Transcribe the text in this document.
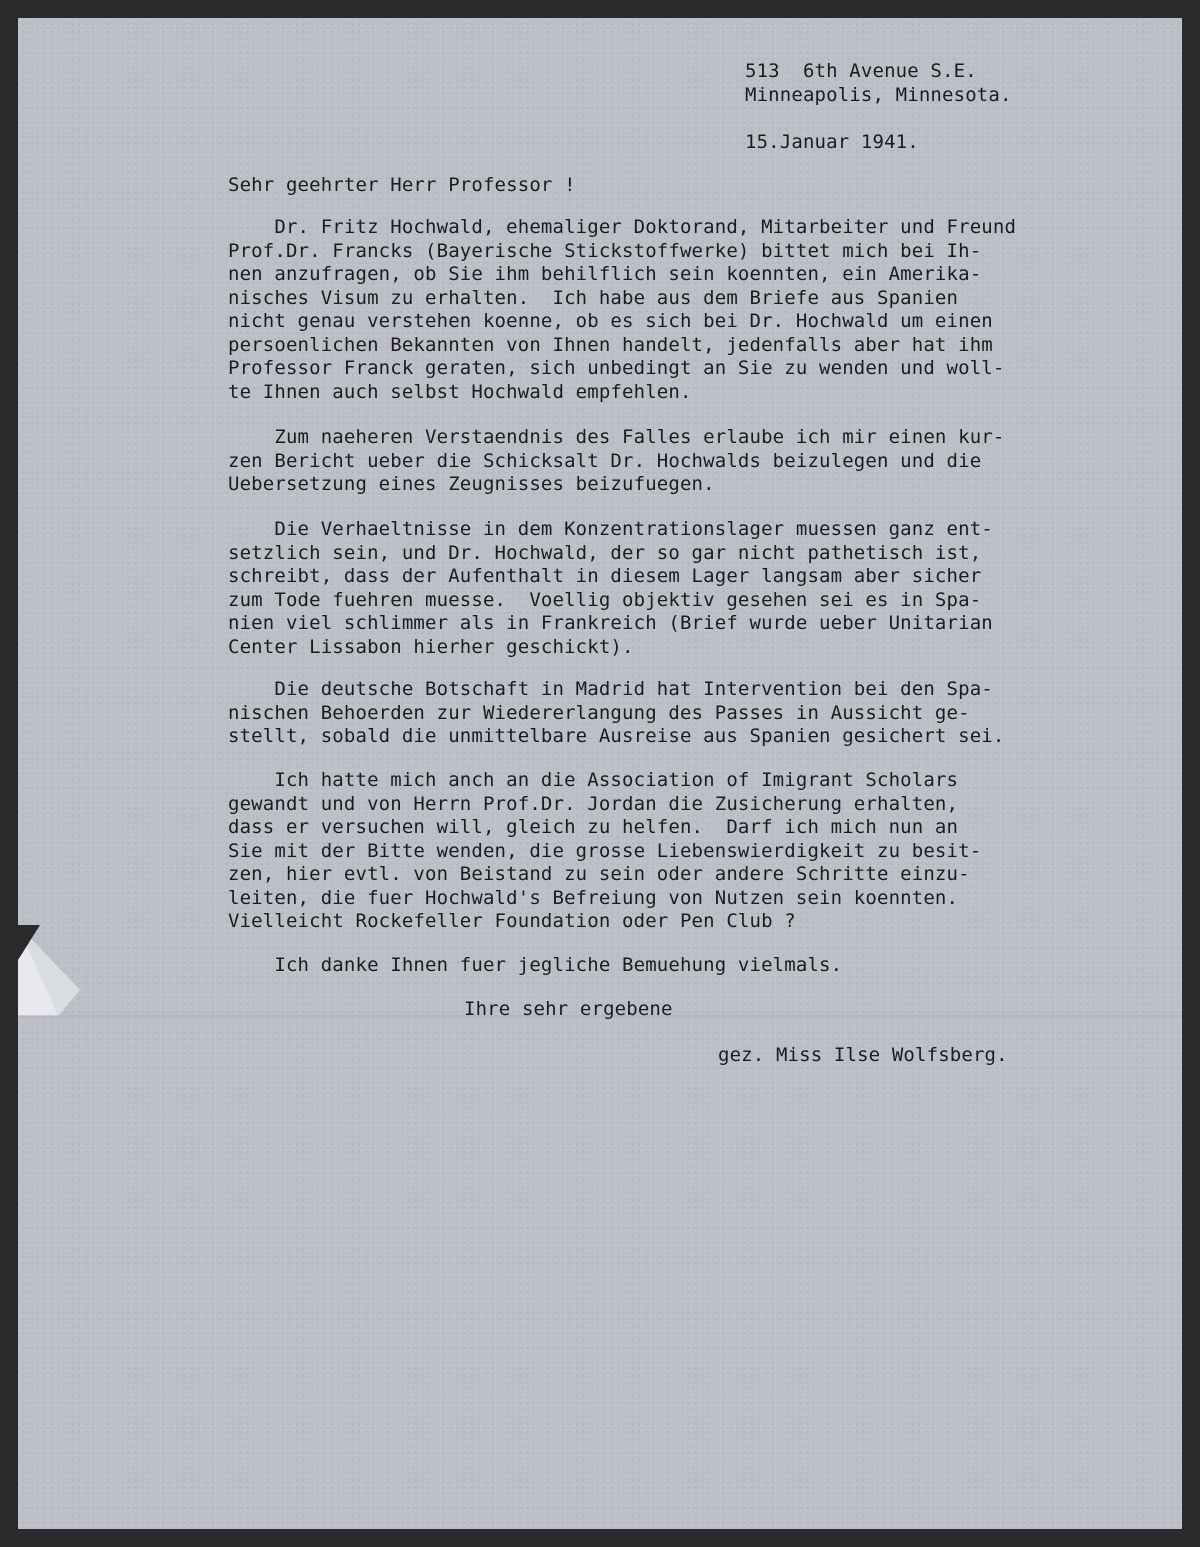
513  6th Avenue S.E.

Minneapolis, Minnesota.

15.Januar 1941.
Sehr geehrter Herr Professor !

Dr. Fritz Hochwald, ehemaliger Doktorand, Mitarbeiter und Freund

Prof.Dr. Francks (Bayerische Stickstoffwerke) bittet mich bei Ih-

nen anzufragen, ob Sie ihm behilflich sein koennten, ein Amerika-

nisches Visum zu erhalten.  Ich habe aus dem Briefe aus Spanien

nicht genau verstehen koenne, ob es sich bei Dr. Hochwald um einen

persoenlichen Bekannten von Ihnen handelt, jedenfalls aber hat ihm

Professor Franck geraten, sich unbedingt an Sie zu wenden und woll-

te Ihnen auch selbst Hochwald empfehlen.

Zum naeheren Verstaendnis des Falles erlaube ich mir einen kur-

zen Bericht ueber die Schicksalt Dr. Hochwalds beizulegen und die

Uebersetzung eines Zeugnisses beizufuegen.

Die Verhaeltnisse in dem Konzentrationslager muessen ganz ent-

setzlich sein, und Dr. Hochwald, der so gar nicht pathetisch ist,

schreibt, dass der Aufenthalt in diesem Lager langsam aber sicher

zum Tode fuehren muesse.  Voellig objektiv gesehen sei es in Spa-

nien viel schlimmer als in Frankreich (Brief wurde ueber Unitarian

Center Lissabon hierher geschickt).

Die deutsche Botschaft in Madrid hat Intervention bei den Spa-

nischen Behoerden zur Wiedererlangung des Passes in Aussicht ge-

stellt, sobald die unmittelbare Ausreise aus Spanien gesichert sei.

Ich hatte mich anch an die Association of Imigrant Scholars

gewandt und von Herrn Prof.Dr. Jordan die Zusicherung erhalten,

dass er versuchen will, gleich zu helfen.  Darf ich mich nun an

Sie mit der Bitte wenden, die grosse Liebenswierdigkeit zu besit-

zen, hier evtl. von Beistand zu sein oder andere Schritte einzu-

leiten, die fuer Hochwald's Befreiung von Nutzen sein koennten.

Vielleicht Rockefeller Foundation oder Pen Club ?

Ich danke Ihnen fuer jegliche Bemuehung vielmals.

Ihre sehr ergebene
gez. Miss Ilse Wolfsberg.
